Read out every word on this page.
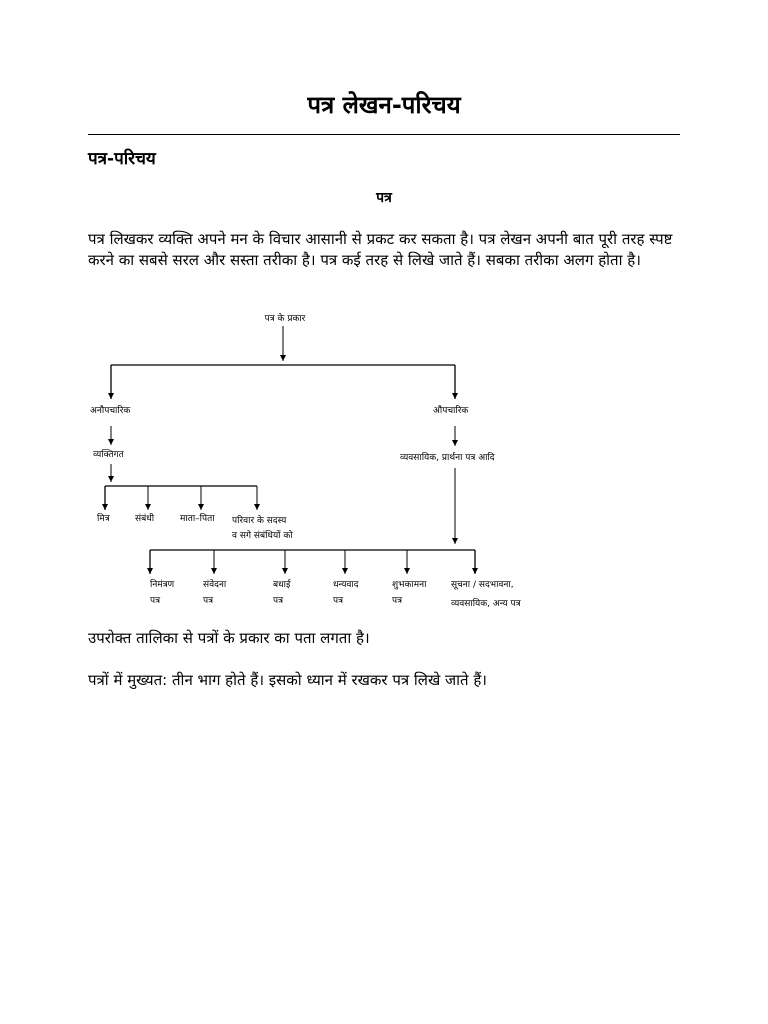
पत्र लेखन-परिचय
पत्र-परिचय
पत्र
पत्र लिखकर व्यक्ति अपने मन के विचार आसानी से प्रकट कर सकता है। पत्र लेखन अपनी बात पूरी तरह स्पष्ट करने का सबसे सरल और सस्ता तरीका है। पत्र कई तरह से लिखे जाते हैं। सबका तरीका अलग होता है।
पत्र के प्रकार
अनौपचारिक
व्यक्तिगत
मित्र	संबंधी	माता–पिता परिवार के सदस्य
व सगे संबंधियों को
औपचारिक
व्यवसायिक, प्रार्थना पत्र आदि
निमंत्रण
पत्र
संवेदना
पत्र
बधाई
पत्र
धन्यवाद
पत्र
शुभकामना
पत्र
सूचना / सदभावना,
व्यवसायिक, अन्य पत्र
उपरोक्त तालिका से पत्रों के प्रकार का पता लगता है।
पत्रों में मुख्यत: तीन भाग होते हैं। इसको ध्यान में रखकर पत्र लिखे जाते हैं।
